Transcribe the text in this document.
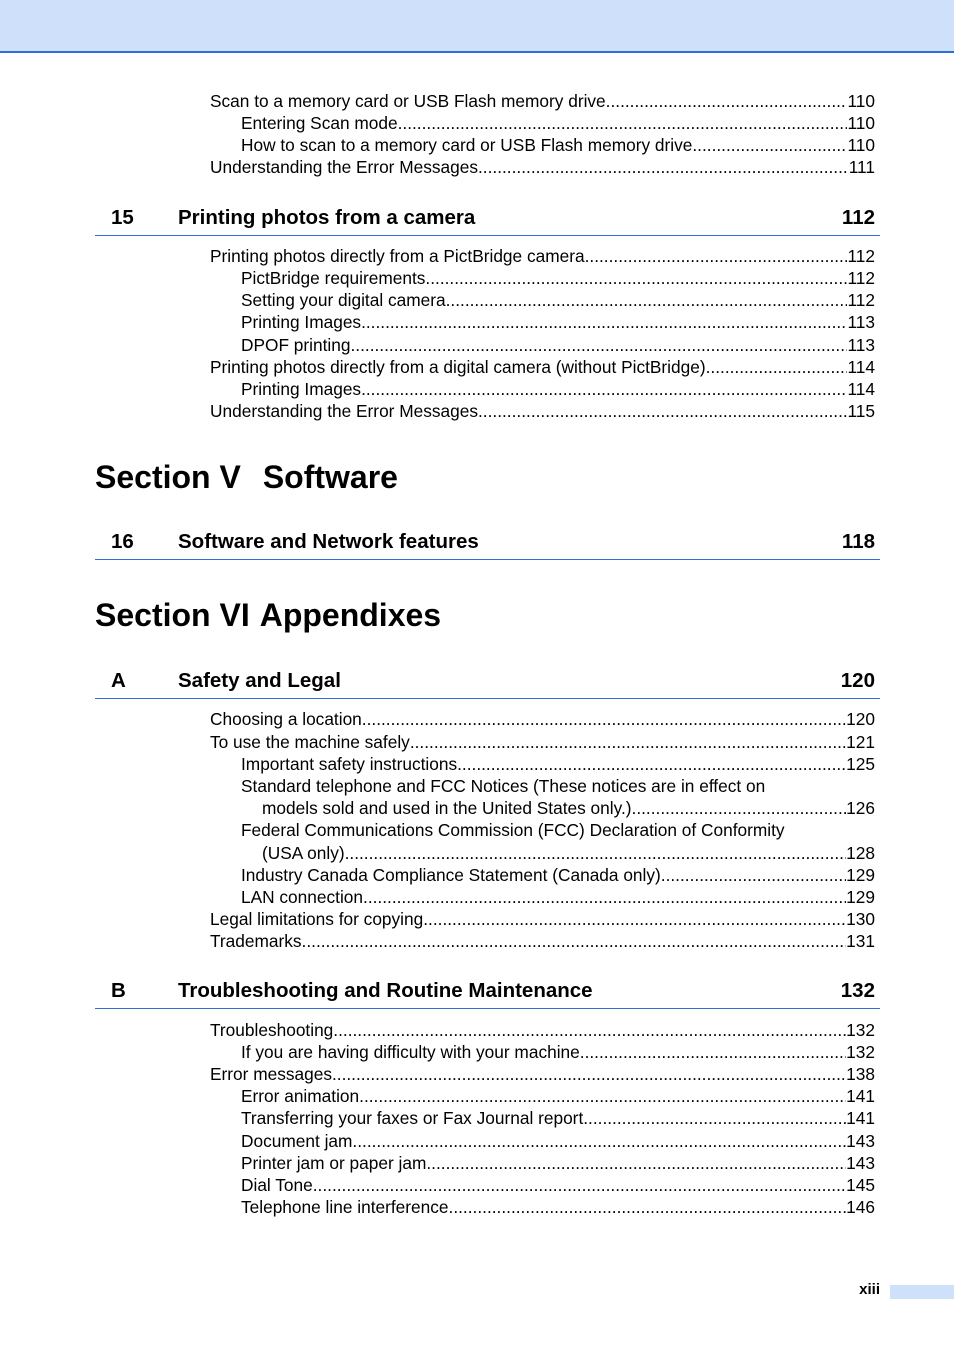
Scan to a memory card or USB Flash memory drive .....	110
Entering Scan mode .....	110
How to scan to a memory card or USB Flash memory drive .....	110
Understanding the Error Messages .....	111
15 Printing photos from a camera	112
Printing photos directly from a PictBridge camera .....	112
PictBridge requirements .....	112
Setting your digital camera .....	112
Printing Images .....	113
DPOF printing .....	113
Printing photos directly from a digital camera (without PictBridge) .....	114
Printing Images .....	114
Understanding the Error Messages .....	115
Section V Software
16 Software and Network features	118
Section VI Appendixes
A	Safety and Legal	120
Choosing a location .....	120
To use the machine safely .....	121
Important safety instructions .....	125
Standard telephone and FCC Notices (These notices are in effect on
models sold and used in the United States only.) .....	126
Federal Communications Commission (FCC) Declaration of Conformity
(USA only) .....	128
Industry Canada Compliance Statement (Canada only) .....	129
LAN connection .....	129
Legal limitations for copying .....	130
Trademarks .....	131
B	Troubleshooting and Routine Maintenance	132
Troubleshooting .....	132
If you are having difficulty with your machine .....	132
Error messages .....	138
Error animation .....	141
Transferring your faxes or Fax Journal report .....	141
Document jam .....	143
Printer jam or paper jam .....	143
Dial Tone .....	145
Telephone line interference .....	146
xiii
